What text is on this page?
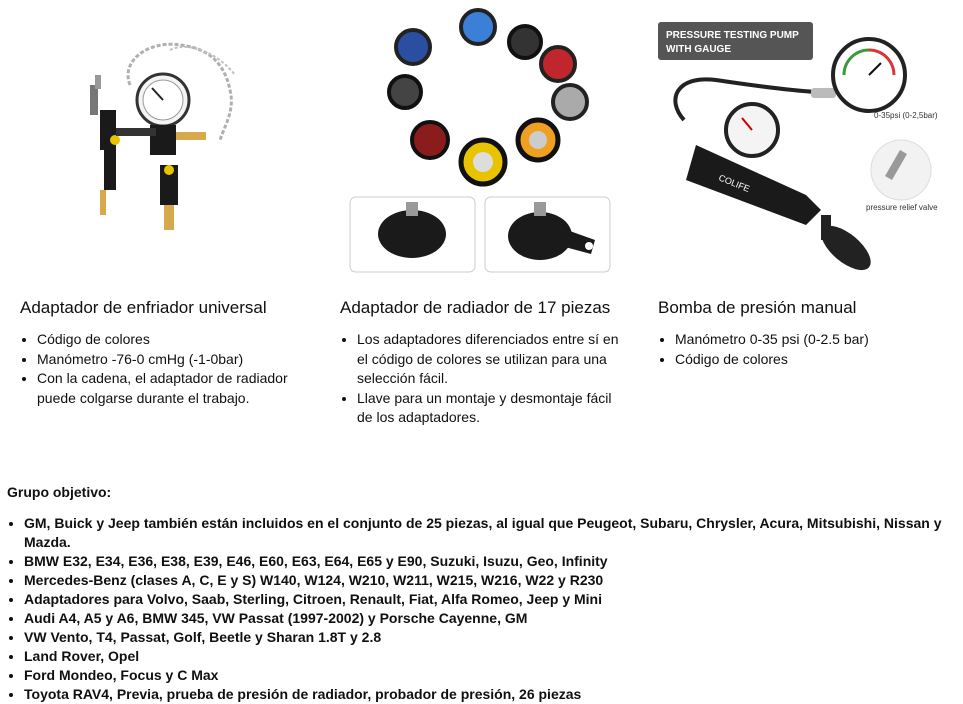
PRESSURE TESTING PUMP
WITH GAUGE
COLIFE
0-35psi (0-2,5bar)
pressure relief valve
Adaptador de enfriador universal
• Código de colores
• Manómetro -76-0 cmHg (-1-0bar)
• Con la cadena, el adaptador de radiador puede colgarse durante el trabajo.
Adaptador de radiador de 17 piezas
• Los adaptadores diferenciados entre sí en el código de colores se utilizan para una selección fácil.
• Llave para un montaje y desmontaje fácil de los adaptadores.
Bomba de presión manual
• Manómetro 0-35 psi (0-2.5 bar)
• Código de colores

Grupo objetivo:

• GM, Buick y Jeep también están incluidos en el conjunto de 25 piezas, al igual que Peugeot, Subaru, Chrysler, Acura, Mitsubishi, Nissan y Mazda.
• BMW E32, E34, E36, E38, E39, E46, E60, E63, E64, E65 y E90, Suzuki, Isuzu, Geo, Infinity
• Mercedes-Benz (clases A, C, E y S) W140, W124, W210, W211, W215, W216, W22 y R230
• Adaptadores para Volvo, Saab, Sterling, Citroen, Renault, Fiat, Alfa Romeo, Jeep y Mini
• Audi A4, A5 y A6, BMW 345, VW Passat (1997-2002) y Porsche Cayenne, GM
• VW Vento, T4, Passat, Golf, Beetle y Sharan 1.8T y 2.8
• Land Rover, Opel
• Ford Mondeo, Focus y C Max
• Toyota RAV4, Previa, prueba de presión de radiador, probador de presión, 26 piezas
